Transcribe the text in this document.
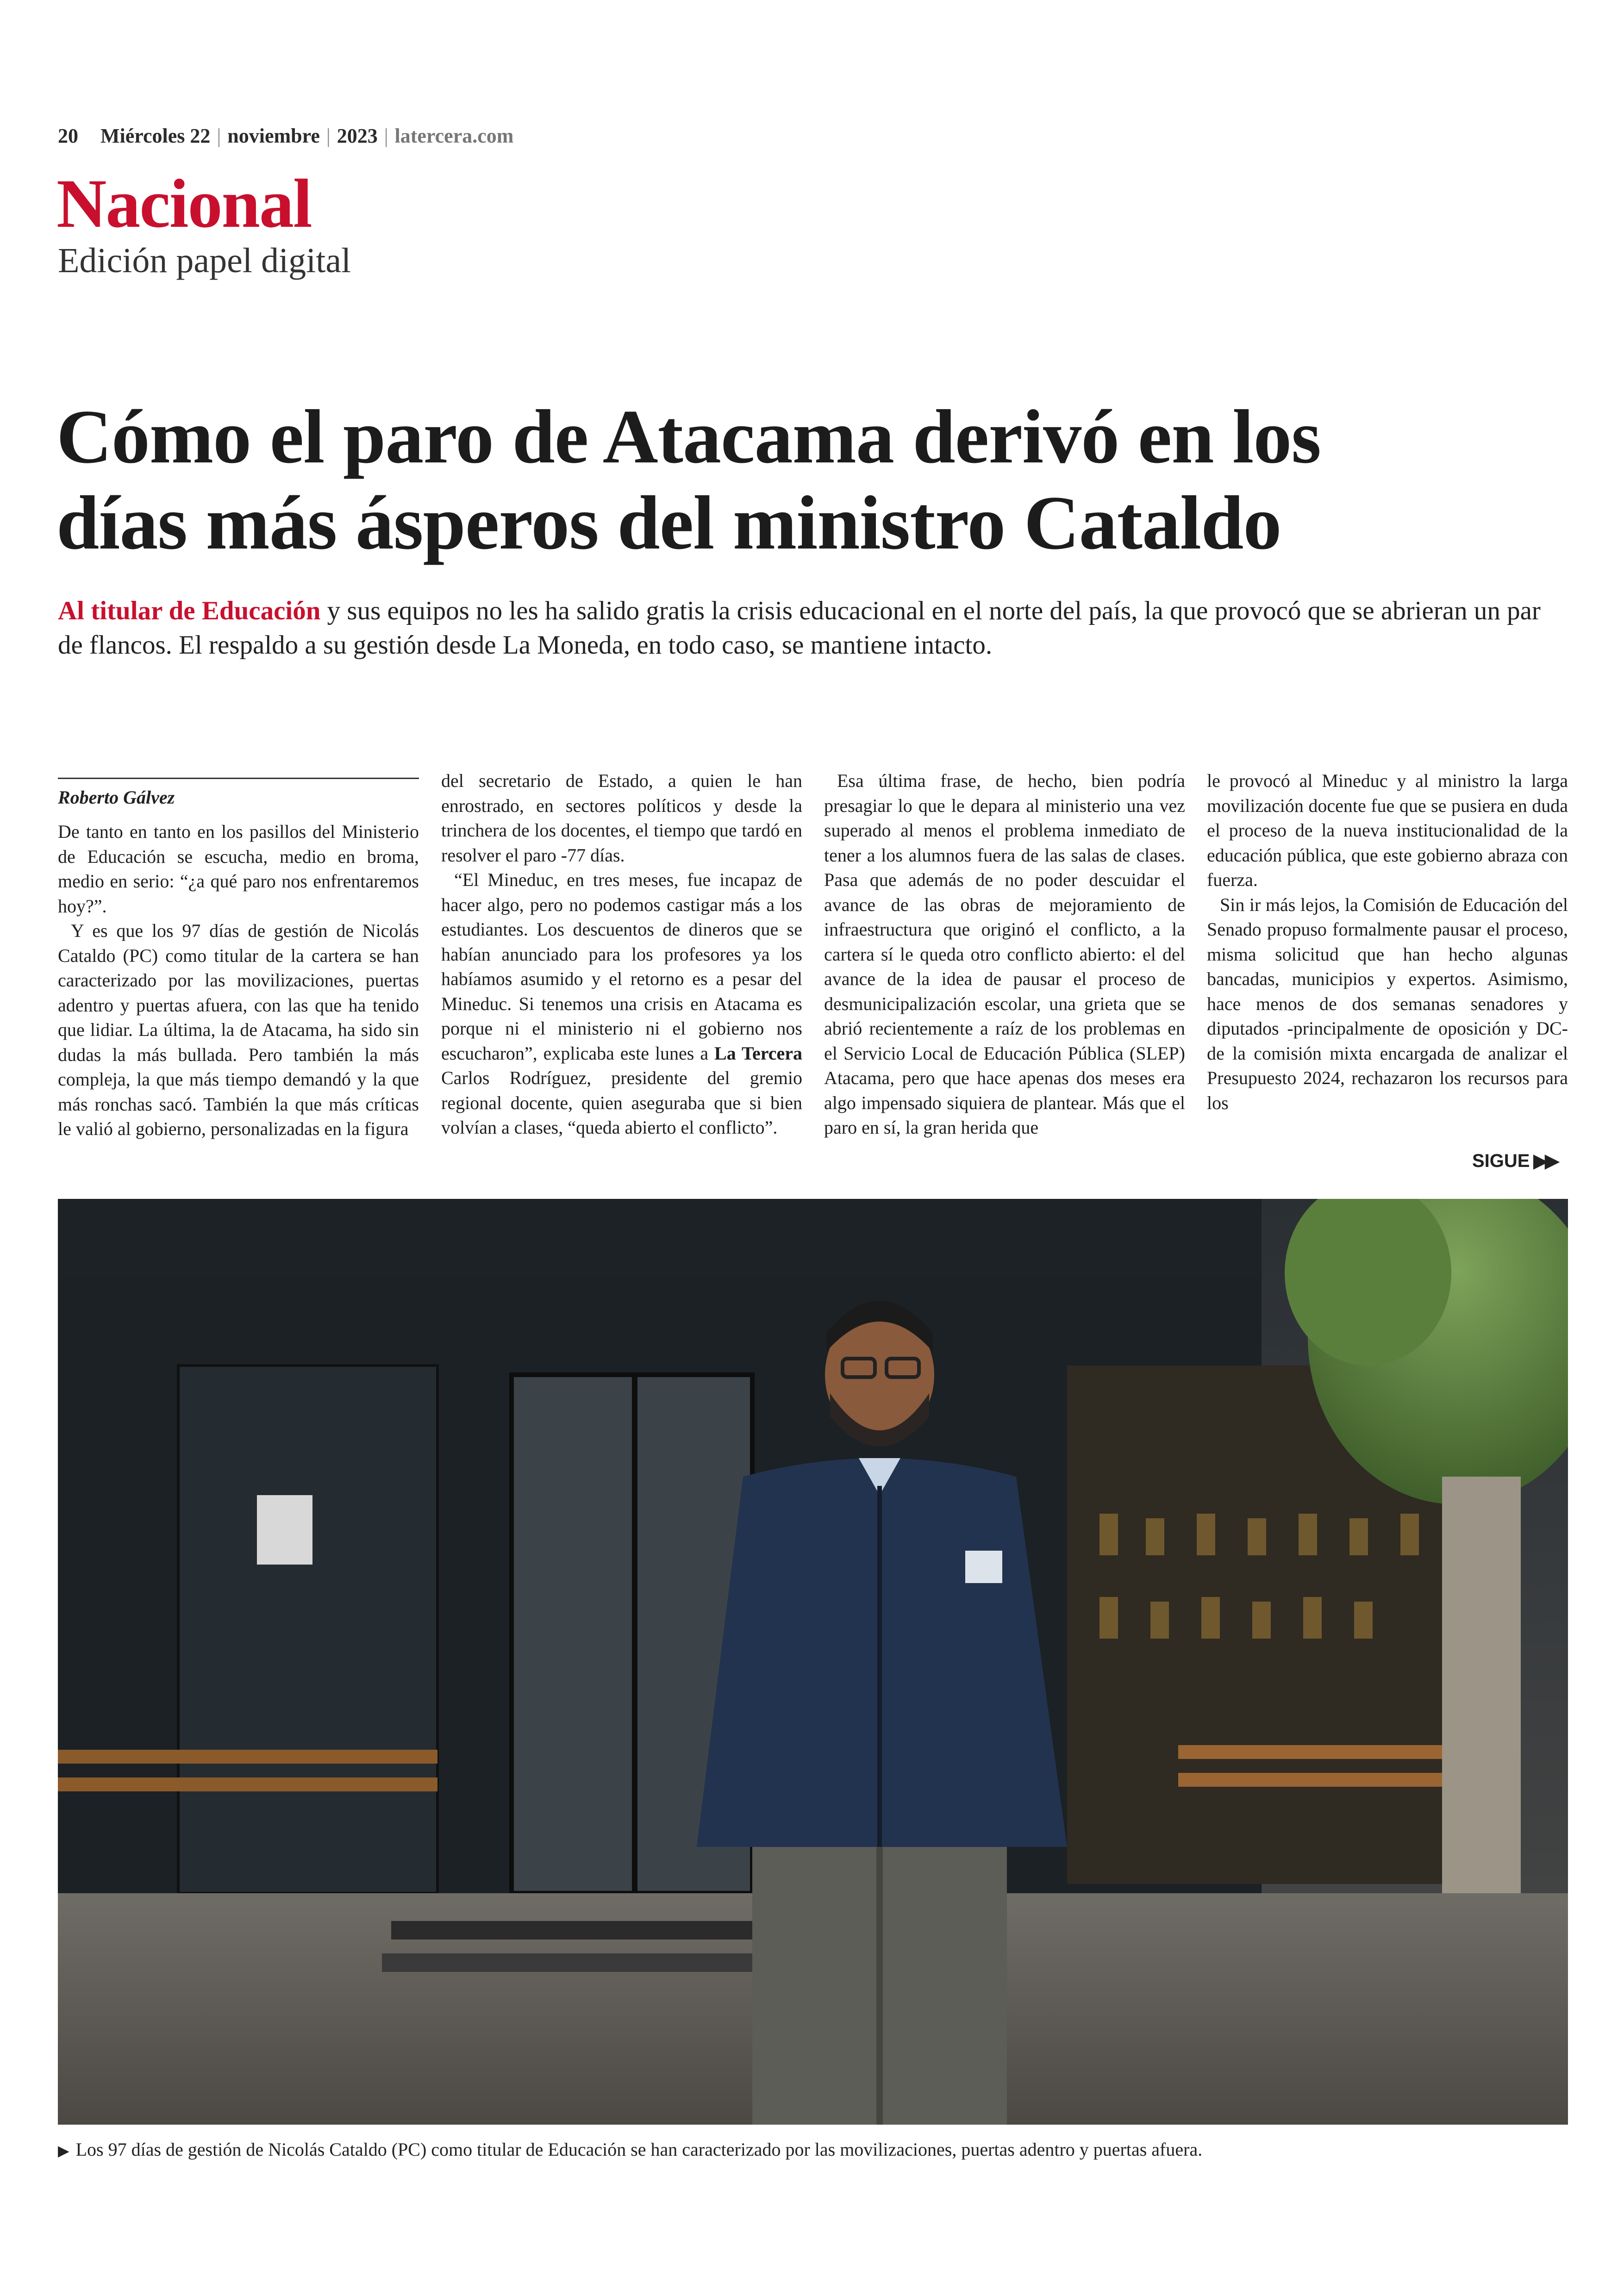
20 Miércoles 22 | noviembre | 2023 | latercera.com
Nacional
Edición papel digital
Cómo el paro de Atacama derivó en los
días más ásperos del ministro Cataldo
Al titular de Educación y sus equipos no les ha salido gratis la crisis educacional en el norte del país, la que provocó que se abrieran un par de flancos. El respaldo a su gestión desde La Moneda, en todo caso, se mantiene intacto.
Roberto Gálvez

De tanto en tanto en los pasillos del Ministerio de Educación se escucha, medio en broma, medio en serio: “¿a qué paro nos enfrentaremos hoy?”.

Y es que los 97 días de gestión de Nicolás Cataldo (PC) como titular de la cartera se han caracterizado por las movilizaciones, puertas adentro y puertas afuera, con las que ha tenido que lidiar. La última, la de Atacama, ha sido sin dudas la más bullada. Pero también la más compleja, la que más tiempo demandó y la que más ronchas sacó. También la que más críticas le valió al gobierno, personalizadas en la figura

del secretario de Estado, a quien le han enrostrado, en sectores políticos y desde la trinchera de los docentes, el tiempo que tardó en resolver el paro -77 días.

“El Mineduc, en tres meses, fue incapaz de hacer algo, pero no podemos castigar más a los estudiantes. Los descuentos de dineros que se habían anunciado para los profesores ya los habíamos asumido y el retorno es a pesar del Mineduc. Si tenemos una crisis en Atacama es porque ni el ministerio ni el gobierno nos escucharon”, explicaba este lunes a La Tercera Carlos Rodríguez, presidente del gremio regional docente, quien aseguraba que si bien volvían a clases, “queda abierto el conflicto”.

Esa última frase, de hecho, bien podría presagiar lo que le depara al ministerio una vez superado al menos el problema inmediato de tener a los alumnos fuera de las salas de clases. Pasa que además de no poder descuidar el avance de las obras de mejoramiento de infraestructura que originó el conflicto, a la cartera sí le queda otro conflicto abierto: el del avance de la idea de pausar el proceso de desmunicipalización escolar, una grieta que se abrió recientemente a raíz de los problemas en el Servicio Local de Educación Pública (SLEP) Atacama, pero que hace apenas dos meses era algo impensado siquiera de plantear. Más que el paro en sí, la gran herida que

le provocó al Mineduc y al ministro la larga movilización docente fue que se pusiera en duda el proceso de la nueva institucionalidad de la educación pública, que este gobierno abraza con fuerza.

Sin ir más lejos, la Comisión de Educación del Senado propuso formalmente pausar el proceso, misma solicitud que han hecho algunas bancadas, municipios y expertos. Asimismo, hace menos de dos semanas senadores y diputados -principalmente de oposición y DC- de la comisión mixta encargada de analizar el Presupuesto 2024, rechazaron los recursos para los

SIGUE ▶▶
▶ Los 97 días de gestión de Nicolás Cataldo (PC) como titular de Educación se han caracterizado por las movilizaciones, puertas adentro y puertas afuera.
